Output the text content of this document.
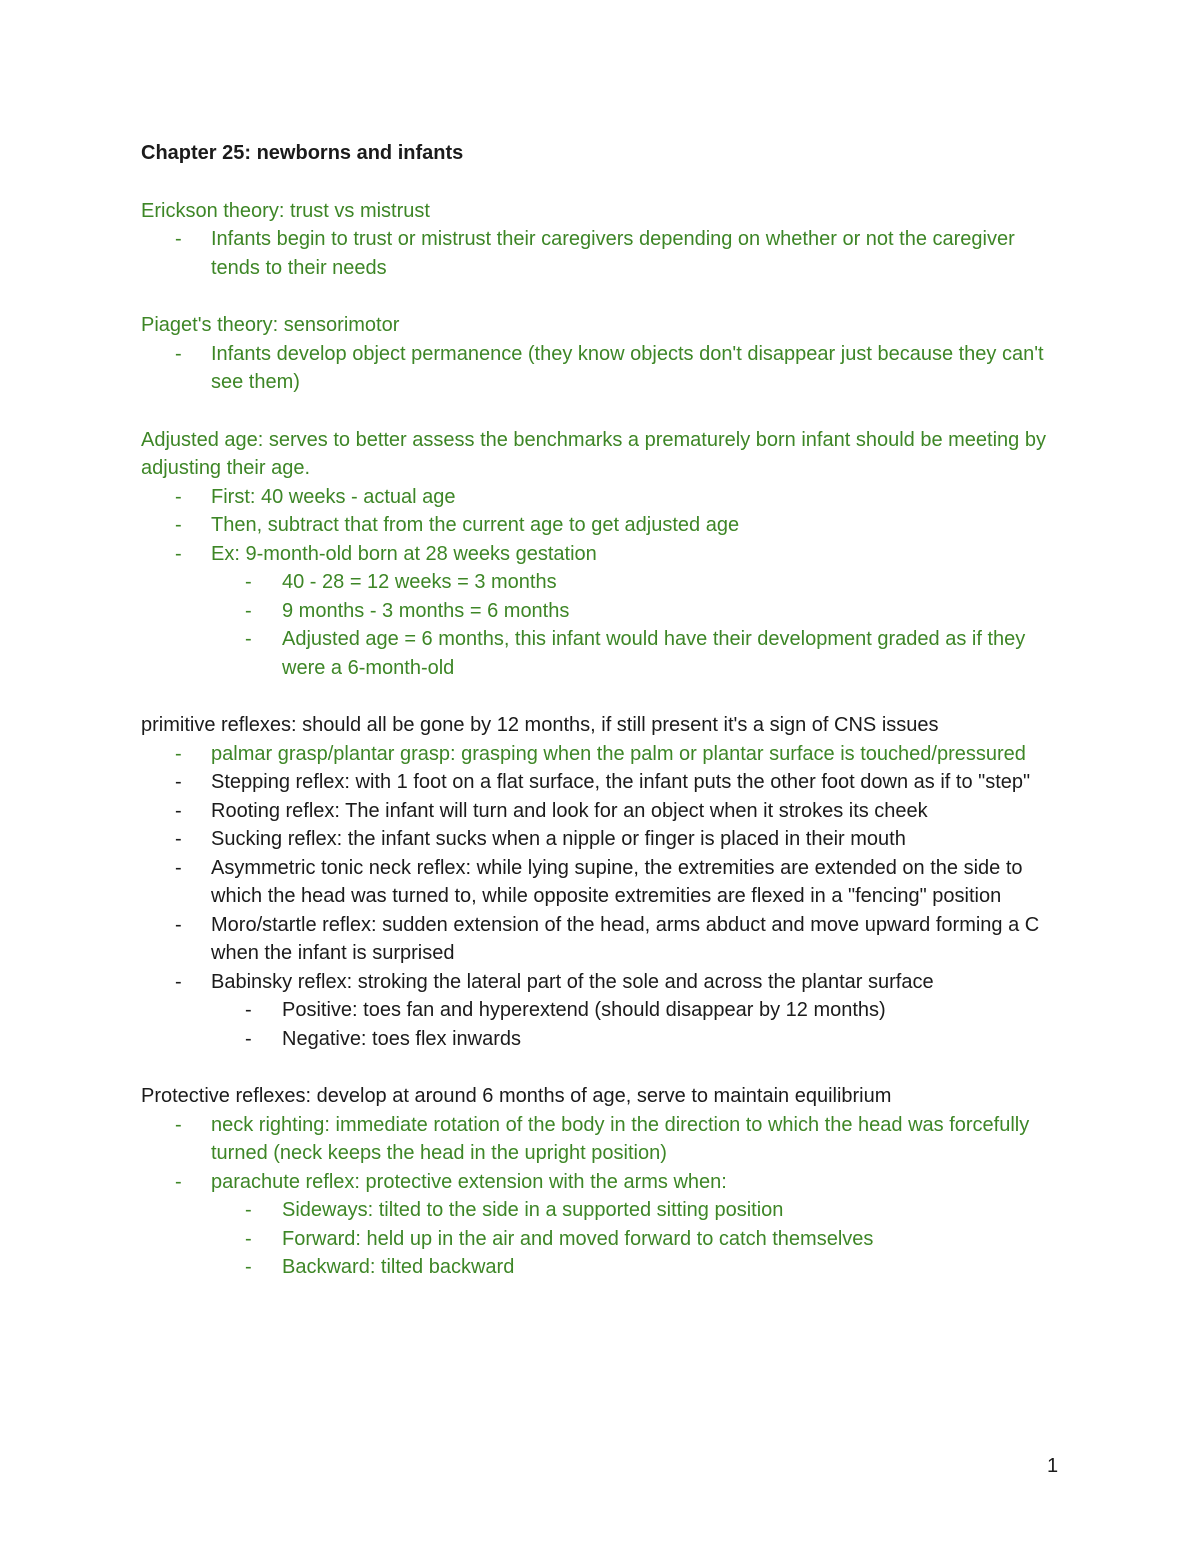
Chapter 25: newborns and infants

Erickson theory: trust vs mistrust

- Infants begin to trust or mistrust their caregivers depending on whether or not the caregiver tends to their needs

Piaget's theory: sensorimotor

- Infants develop object permanence (they know objects don't disappear just because they can't see them)

Adjusted age: serves to better assess the benchmarks a prematurely born infant should be meeting by adjusting their age.

- First: 40 weeks - actual age
- Then, subtract that from the current age to get adjusted age
- Ex: 9-month-old born at 28 weeks gestation
- 40 - 28 = 12 weeks = 3 months
- 9 months - 3 months = 6 months
- Adjusted age = 6 months, this infant would have their development graded as if they were a 6-month-old

primitive reflexes: should all be gone by 12 months, if still present it's a sign of CNS issues

- palmar grasp/plantar grasp: grasping when the palm or plantar surface is touched/pressured
- Stepping reflex: with 1 foot on a flat surface, the infant puts the other foot down as if to "step"
- Rooting reflex: The infant will turn and look for an object when it strokes its cheek
- Sucking reflex: the infant sucks when a nipple or finger is placed in their mouth
- Asymmetric tonic neck reflex: while lying supine, the extremities are extended on the side to which the head was turned to, while opposite extremities are flexed in a "fencing" position
- Moro/startle reflex: sudden extension of the head, arms abduct and move upward forming a C when the infant is surprised
- Babinsky reflex: stroking the lateral part of the sole and across the plantar surface
- Positive: toes fan and hyperextend (should disappear by 12 months)
- Negative: toes flex inwards

Protective reflexes: develop at around 6 months of age, serve to maintain equilibrium

- neck righting: immediate rotation of the body in the direction to which the head was forcefully turned (neck keeps the head in the upright position)
- parachute reflex: protective extension with the arms when:
- Sideways: tilted to the side in a supported sitting position
- Forward: held up in the air and moved forward to catch themselves
- Backward: tilted backward
1
